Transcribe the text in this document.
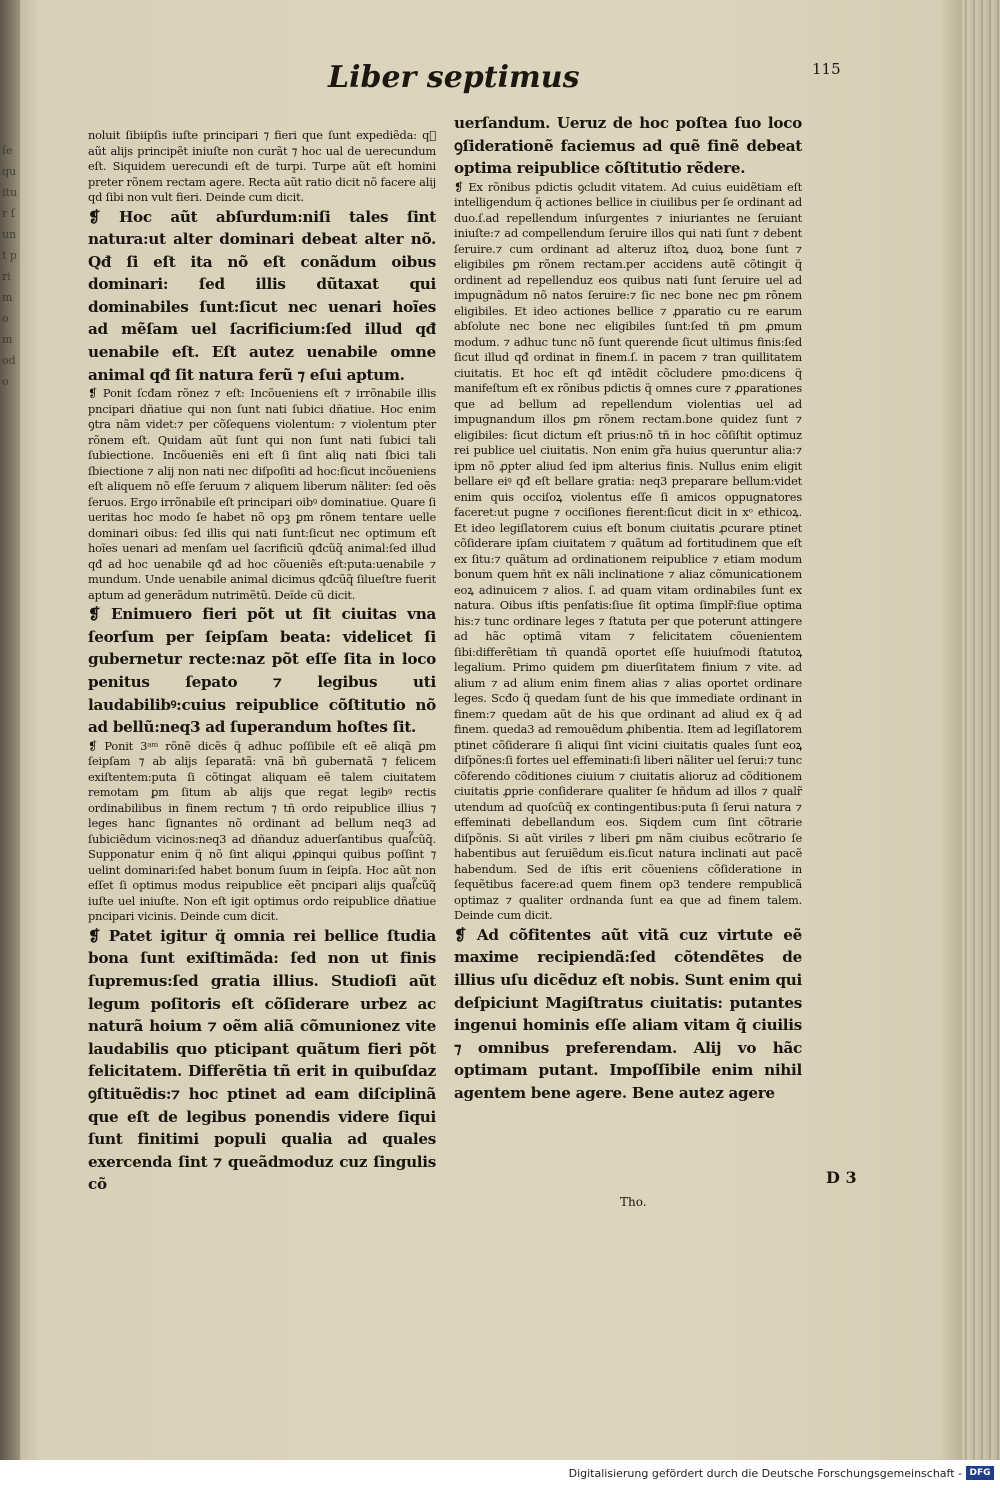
ſequitur ſunt primo modo
Liber septimus	115

noluit ſibiipſis iuſte principari ⁊ fieri que ſunt expediẽda: q᷑ aũt alijs principẽt iniuſte non curãt ⁊ hoc ual de uerecundum eſt. Siquidem uerecundi eſt de turpi. Turpe aũt eſt homini preter rõnem rectam agere. Recta aũt ratio dicit nõ facere alij qd ſibi non vult fieri. Deinde cum dicit.

❡ Hoc aũt abſurdum:niſi tales ſint natura:ut alter dominari debeat alter nõ. Qđ ſi eſt ita nõ eſt conãdum oibus dominari: ſed illis dũtaxat qui dominabiles ſunt:ſicut nec uenari hoĩes ad mẽſam uel ſacrificium:ſed illud qđ uenabile eſt. Eſt autez uenabile omne animal qđ ſit natura ferũ ⁊ eſui aptum.

❡ Ponit ſcđam rõnez ⁊ eſt: Incõueniens eſt ⁊ irrõnabile illis pncipari dñatiue qui non ſunt nati ſubici dñatiue. Hoc enim ꝯtra nãm videt:⁊ per cõſequens violentum: ⁊ violentum pter rõnem eſt. Quidam aũt ſunt qui non ſunt nati ſubici tali ſubiectione. Incõueniẽs eni eſt ſi ſint aliq nati ſbici tali ſbiectione ⁊ alij non nati nec diſpoſiti ad hoc:ſicut incõueniens eſt aliquem nõ eſſe ſeruum ⁊ aliquem liberum nãliter: ſed oẽs ſeruos. Ergo irrõnabile eſt principari oibꝰ dominatiue. Quare ſi ueritas hoc modo ſe habet nõ opꝫ ꝑm rõnem tentare uelle dominari oibus: ſed illis qui nati ſunt:ſicut nec optimum eſt hoĩes uenari ad menſam uel ſacrificiũ qđcũq̃ animal:ſed illud qđ ad hoc uenabile qđ ad hoc cõueniẽs eſt:puta:uenabile ⁊ mundum. Unde uenabile animal dicimus qđcũq̃ ſilueſtre fuerit aptum ad generãdum nutrimẽtũ. Deĩde cũ dicit.

❡ Enimuero fieri põt ut ſit ciuitas vna ſeorſum per ſeipſam beata: videlicet ſi gubernetur recte:naz põt eſſe ſita in loco penitus ſepato ⁊ legibus uti laudabilibꝰ:cuius reipublice cõſtitutio nõ ad bellũ:neq3 ad ſuperandum hoſtes ſit.

❡ Ponit 3ᵃᵐ rõnẽ dicẽs q̈ adhuc poſſibile eſt eẽ aliqã ꝑm ſeipſam ⁊ ab alijs ſeparatã: vnã bñ gubernatã ⁊ felicem exiſtentem:puta ſi cõtingat aliquam eẽ talem ciuitatem remotam ꝑm ſitum ab alijs que regat legibꝰ rectis ordinabilibus in finem rectum ⁊ tñ ordo reipublice illius ⁊ leges hanc ſignantes nõ ordinant ad bellum neq3 ad ſubiciẽdum vicinos:neq3 ad dñanduz aduerſantibus quaſ᷑cũq̃. Supponatur enim q̈ nõ ſint aliqui ꝓpinqui quibus poſſint ⁊ uelint dominari:ſed habet bonum ſuum in ſeipſa. Hoc aũt non eſſet ſi optimus modus reipublice eẽt pncipari alijs quaſ᷑cũq̃ iuſte uel iniuſte. Non eſt igit optimus ordo reipublice dñatiue pncipari vicinis. Deinde cum dicit.

❡ Patet igitur q̈ omnia rei bellice ſtudia bona ſunt exiſtimãda: ſed non ut finis ſupremus:ſed gratia illius. Studioſi aũt legum poſitoris eſt cõſiderare urbez ac naturã hoium ⁊ oẽm aliã cõmunionez vite laudabilis quo pticipant quãtum fieri põt felicitatem. Differẽtia tñ erit in quibuſdaz ꝯſtituẽdis:⁊ hoc ptinet ad eam diſciplinã que eſt de legibus ponendis videre ſiqui ſunt finitimi populi qualia ad quales exercenda ſint ⁊ queãdmoduz cuz ſingulis cõ

uerſandum. Ueruz de hoc poſtea ſuo loco ꝯſiderationẽ faciemus ad quẽ finẽ debeat optima reipublice cõſtitutio rẽdere.

❡ Ex rõnibus pdictis ꝯcludit vitatem. Ad cuius euidẽtiam eſt intelligendum q̈ actiones bellice in ciuilibus per ſe ordinant ad duo.ſ.ad repellendum inſurgentes ⁊ iniuriantes ne ſeruiant iniuſte:⁊ ad compellendum ſeruire illos qui nati ſunt ⁊ debent ſeruire.⁊ cum ordinant ad alteruz iſtoꝝ duoꝝ bone ſunt ⁊ eligibiles ꝑm rõnem rectam.per accidens autẽ cõtingit q̈ ordinent ad repellenduz eos quibus nati ſunt ſeruire uel ad impugnãdum nõ natos ſeruire:⁊ ſic nec bone nec ꝑm rõnem eligibiles. Et ideo actiones bellice ⁊ ꝓparatio cu re earum abſolute nec bone nec eligibiles ſunt:ſed tñ ꝑm ꝓmum modum. ⁊ adhuc tunc nõ ſunt querende ſicut ultimus finis:ſed ſicut illud qđ ordinat in finem.ſ. in pacem ⁊ tran quillitatem ciuitatis. Et hoc eſt qđ intẽdit cõcludere pmo:dicens q̈ manifeſtum eſt ex rõnibus pdictis q̈ omnes cure ⁊ ꝓparationes que ad bellum ad repellendum violentias uel ad impugnandum illos ꝑm rõnem rectam.bone quidez ſunt ⁊ eligibiles: ſicut dictum eſt prius:nõ tñ in hoc cõſiſtit optimuz rei publice uel ciuitatis. Non enim gr̃a huius queruntur alia:⁊ ipm nõ ꝓpter aliud ſed ipm alterius finis. Nullus enim eligit bellare eiꝰ qđ eſt bellare gratia: neq3 preparare bellum:videt enim quis occiſoꝝ violentus eſſe ſi amicos oppugnatores faceret:ut pugne ⁊ occiſiones fierent:ſicut dicit in xᵒ ethicoꝝ. Et ideo legiſlatorem cuius eſt bonum ciuitatis ꝓcurare ptinet cõſiderare ipſam ciuitatem ⁊ quãtum ad fortitudinem que eſt ex ſitu:⁊ quãtum ad ordinationem reipublice ⁊ etiam modum bonum quem hñt ex nãli inclinatione ⁊ aliaz cõmunicationem eoꝝ adinuicem ⁊ alios. ſ. ad quam vitam ordinabiles ſunt ex natura. Oibus iſtis penſatis:ſiue ſit optima ſimplr̃:ſiue optima his:⁊ tunc ordinare leges ⁊ ſtatuta per que poterunt attingere ad hãc optimã vitam ⁊ felicitatem cõuenientem ſibi:differẽtiam tñ quandã oportet eſſe huiuſmodi ſtatutoꝝ legalium. Primo quidem ꝑm diuerſitatem finium ⁊ vite. ad alium ⁊ ad alium enim finem alias ⁊ alias oportet ordinare leges. Scđo q̈ quedam ſunt de his que immediate ordinant in finem:⁊ quedam aũt de his que ordinant ad aliud ex q̈ ad finem. queda3 ad remouẽdum ꝓhibentia. Item ad legiſlatorem ptinet cõſiderare ſi aliqui ſint vicini ciuitatis quales ſunt eoꝝ diſpõnes:ſi fortes uel effeminati:ſi liberi nãliter uel ſerui:⁊ tunc cõferendo cõditiones ciuium ⁊ ciuitatis alioruz ad cõditionem ciuitatis ꝓprie conſiderare qualiter ſe hñdum ad illos ⁊ qualr̃ utendum ad quoſcũq̃ ex contingentibus:puta ſi ſerui natura ⁊ effeminati debellandum eos. Siqdem cum ſint cõtrarie diſpõnis. Si aũt viriles ⁊ liberi ꝑm nãm ciuibus ecõtrario ſe habentibus aut ſeruiẽdum eis.ſicut natura inclinati aut pacẽ habendum. Sed de iſtis erit cõueniens cõſideratione in ſequẽtibus facere:ad quem finem op3 tendere rempublicã optimaz ⁊ qualiter ordnanda ſunt ea que ad finem talem. Deinde cum dicit.

❡ Ad cõfitentes aũt vitã cuz virtute eẽ maxime recipiendã:ſed cõtendẽtes de illius uſu dicẽduz eſt nobis. Sunt enim qui deſpiciunt Magiſtratus ciuitatis: putantes ingenui hominis eſſe aliam vitam q̃ ciuilis ⁊ omnibus preferendam. Alij vo hãc optimam putant. Impoſſibile enim nihil agentem bene agere. Bene autez agere

D 3
Tho.
Digitalisierung gefördert durch die Deutsche Forschungsgemeinschaft - DFG
